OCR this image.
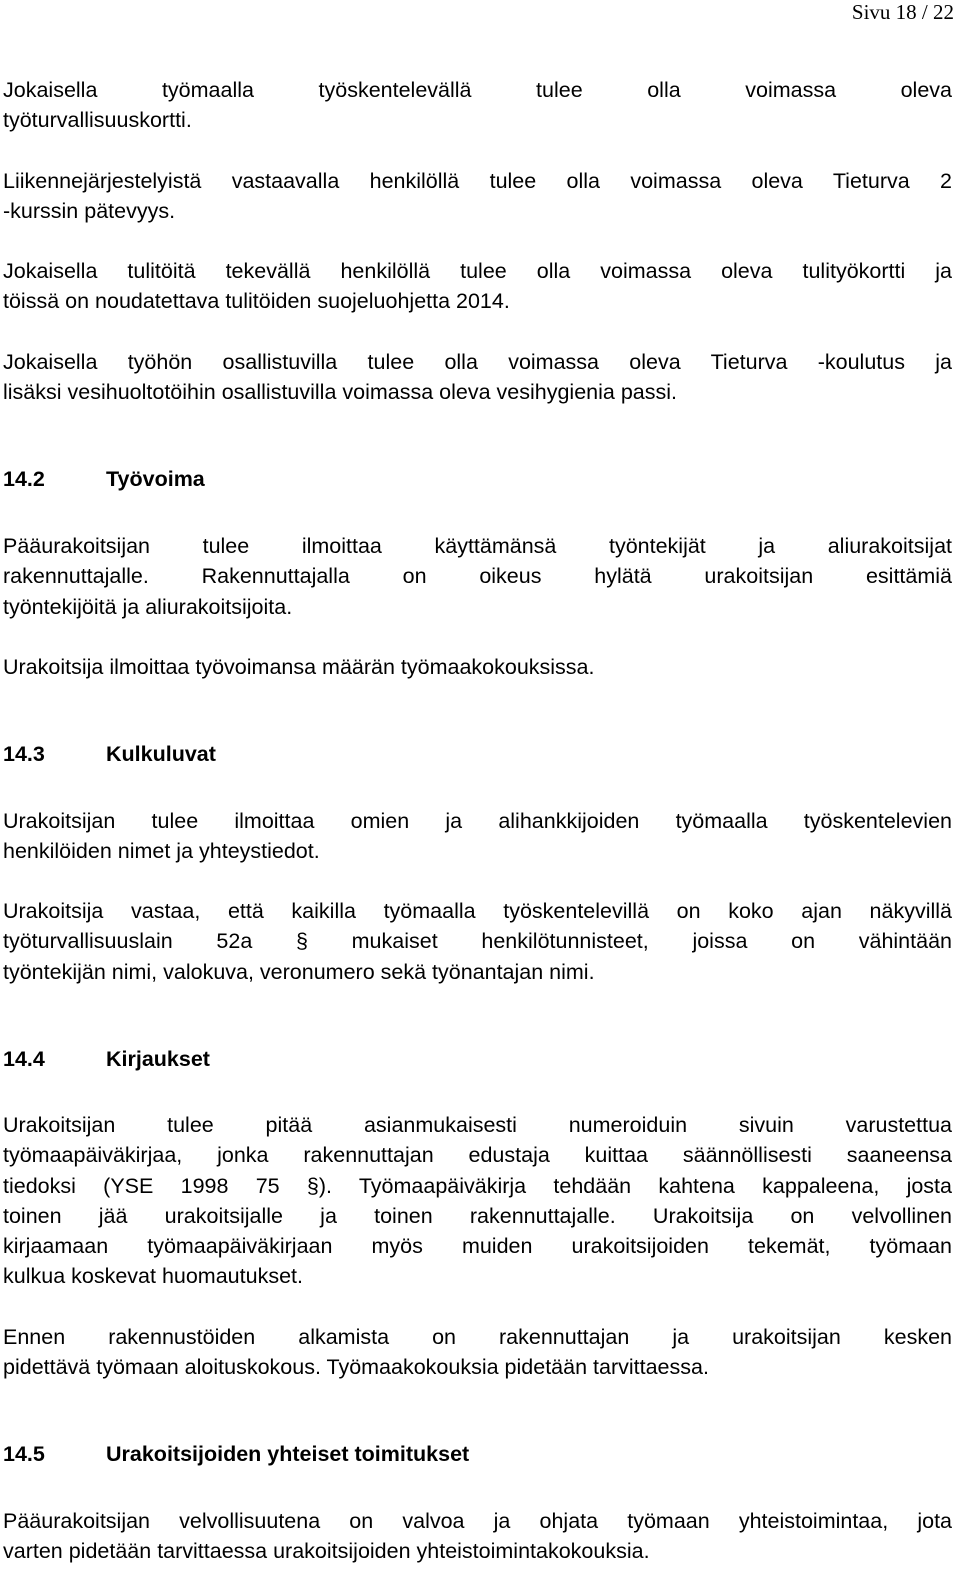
Sivu 18 / 22
Jokaisella työmaalla työskentelevällä tulee olla voimassa oleva
työturvallisuuskortti.
Liikennejärjestelyistä vastaavalla henkilöllä tulee olla voimassa oleva Tieturva 2
-kurssin pätevyys.
Jokaisella tulitöitä tekevällä henkilöllä tulee olla voimassa oleva tulityökortti ja
töissä on noudatettava tulitöiden suojeluohjetta 2014.
Jokaisella työhön osallistuvilla tulee olla voimassa oleva Tieturva -koulutus ja
lisäksi vesihuoltotöihin osallistuvilla voimassa oleva vesihygienia passi.
14.2	Työvoima
Pääurakoitsijan tulee ilmoittaa käyttämänsä työntekijät ja aliurakoitsijat
rakennuttajalle. Rakennuttajalla on oikeus hylätä urakoitsijan esittämiä
työntekijöitä ja aliurakoitsijoita.
Urakoitsija ilmoittaa työvoimansa määrän työmaakokouksissa.
14.3	Kulkuluvat
Urakoitsijan tulee ilmoittaa omien ja alihankkijoiden työmaalla työskentelevien
henkilöiden nimet ja yhteystiedot.
Urakoitsija vastaa, että kaikilla työmaalla työskentelevillä on koko ajan näkyvillä
työturvallisuuslain 52a § mukaiset henkilötunnisteet, joissa on vähintään
työntekijän nimi, valokuva, veronumero sekä työnantajan nimi.
14.4	Kirjaukset
Urakoitsijan tulee pitää asianmukaisesti numeroiduin sivuin varustettua
työmaapäiväkirjaa, jonka rakennuttajan edustaja kuittaa säännöllisesti saaneensa
tiedoksi (YSE 1998 75 §). Työmaapäiväkirja tehdään kahtena kappaleena, josta
toinen jää urakoitsijalle ja toinen rakennuttajalle. Urakoitsija on velvollinen
kirjaamaan työmaapäiväkirjaan myös muiden urakoitsijoiden tekemät, työmaan
kulkua koskevat huomautukset.
Ennen rakennustöiden alkamista on rakennuttajan ja urakoitsijan kesken
pidettävä työmaan aloituskokous. Työmaakokouksia pidetään tarvittaessa.
14.5	Urakoitsijoiden yhteiset toimitukset
Pääurakoitsijan velvollisuutena on valvoa ja ohjata työmaan yhteistoimintaa, jota
varten pidetään tarvittaessa urakoitsijoiden yhteistoimintakokouksia.
